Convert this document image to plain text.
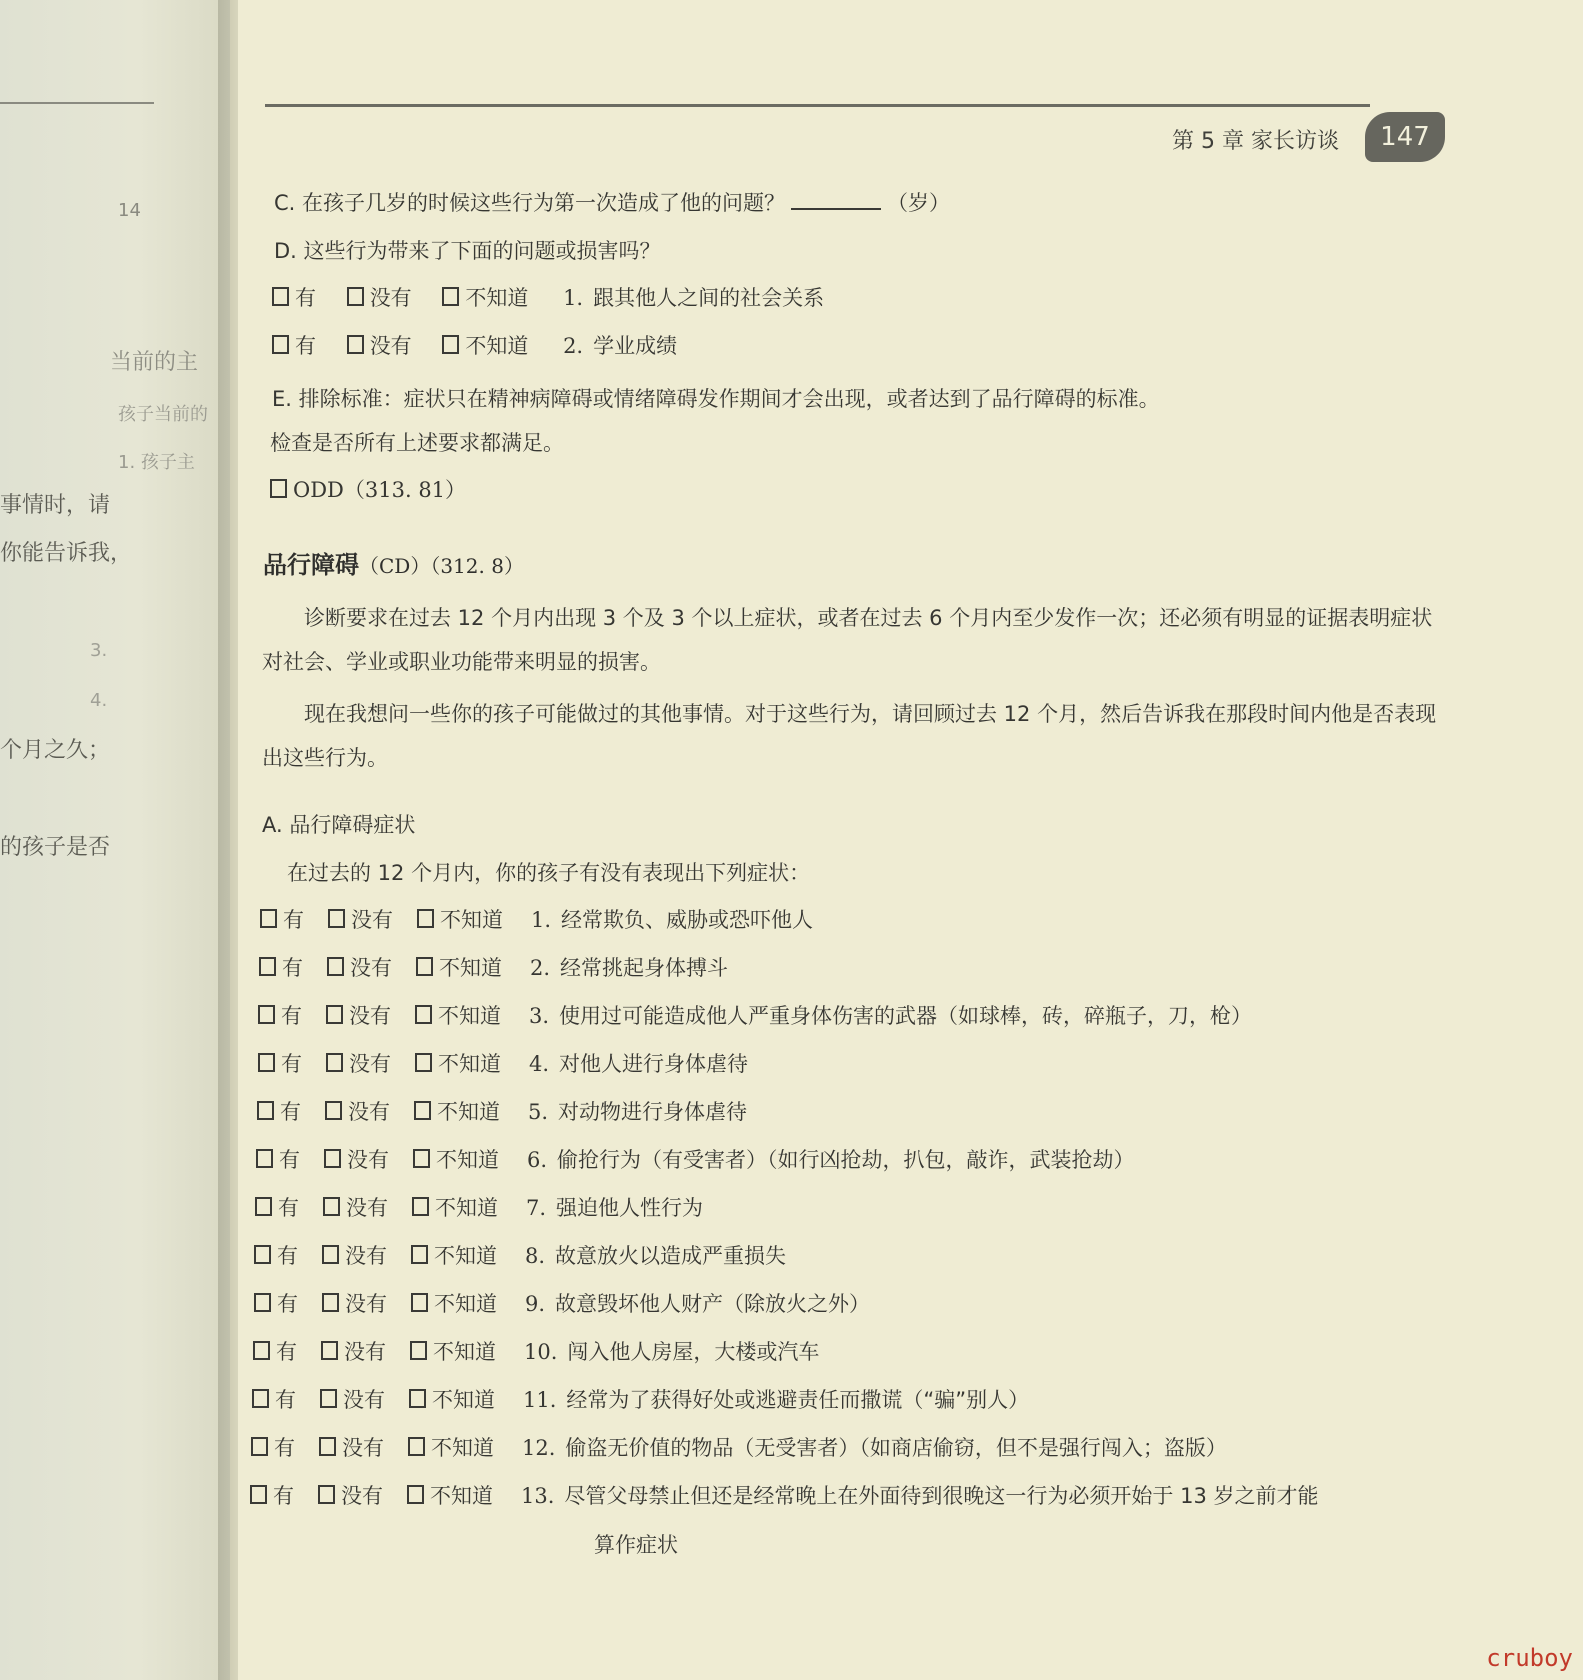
14
当前的主
孩子当前的
1. 孩子主
事情时，请
你能告诉我，
3.
4.
个月之久；
的孩子是否
第 5 章 家长访谈	147
C. 在孩子几岁的时候这些行为第一次造成了他的问题？	（岁）
D. 这些行为带来了下面的问题或损害吗？
有	没有	不知道 1. 跟其他人之间的社会关系
有	没有	不知道 2. 学业成绩
E. 排除标准：症状只在精神病障碍或情绪障碍发作期间才会出现，或者达到了品行障碍的标准。
检查是否所有上述要求都满足。
ODD（313. 81）
品行障碍（CD）（312. 8）
诊断要求在过去 12 个月内出现 3 个及 3 个以上症状，或者在过去 6 个月内至少发作一次；还必须有明显的证据表明症状对社会、学业或职业功能带来明显的损害。
现在我想问一些你的孩子可能做过的其他事情。对于这些行为，请回顾过去 12 个月，然后告诉我在那段时间内他是否表现出这些行为。
A. 品行障碍症状
在过去的 12 个月内，你的孩子有没有表现出下列症状：
有 没有 不知道 1. 经常欺负、威胁或恐吓他人
有 没有 不知道 2. 经常挑起身体搏斗
有 没有 不知道 3. 使用过可能造成他人严重身体伤害的武器（如球棒，砖，碎瓶子，刀，枪）
有 没有 不知道 4. 对他人进行身体虐待
有 没有 不知道 5. 对动物进行身体虐待
有 没有 不知道 6. 偷抢行为（有受害者）（如行凶抢劫，扒包，敲诈，武装抢劫）
有 没有 不知道 7. 强迫他人性行为
有 没有 不知道 8. 故意放火以造成严重损失
有 没有 不知道 9. 故意毁坏他人财产（除放火之外）
有 没有 不知道 10. 闯入他人房屋，大楼或汽车
有 没有 不知道 11. 经常为了获得好处或逃避责任而撒谎（“骗”别人）
有 没有 不知道 12. 偷盗无价值的物品（无受害者）（如商店偷窃，但不是强行闯入；盗版）
有 没有 不知道 13. 尽管父母禁止但还是经常晚上在外面待到很晚这一行为必须开始于 13 岁之前才能
算作症状
cruboy
